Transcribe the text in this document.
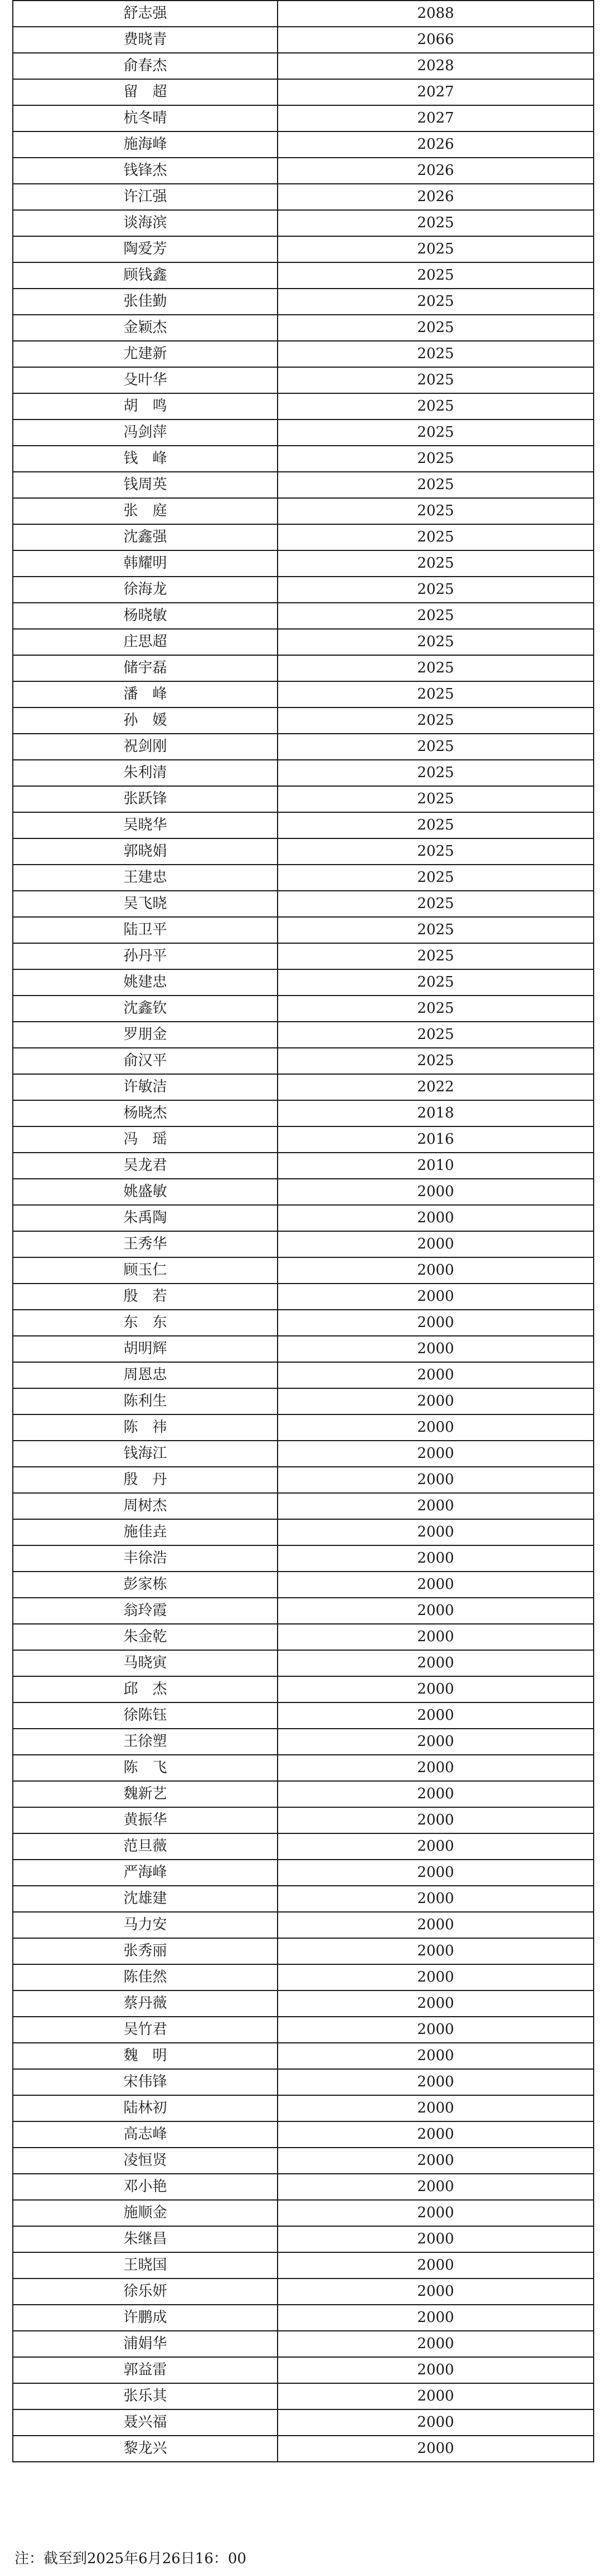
舒志强	2088
费晓青	2066
俞春杰	2028
留　超	2027
杭冬晴	2027
施海峰	2026
钱锋杰	2026
许江强	2026
谈海滨	2025
陶爱芳	2025
顾钱鑫	2025
张佳勤	2025
金颖杰	2025
尤建新	2025
殳叶华	2025
胡　鸣	2025
冯剑萍	2025
钱　峰	2025
钱周英	2025
张　庭	2025
沈鑫强	2025
韩耀明	2025
徐海龙	2025
杨晓敏	2025
庄思超	2025
储宇磊	2025
潘　峰	2025
孙　媛	2025
祝剑刚	2025
朱利清	2025
张跃锋	2025
吴晓华	2025
郭晓娟	2025
王建忠	2025
吴飞晓	2025
陆卫平	2025
孙丹平	2025
姚建忠	2025
沈鑫钦	2025
罗朋金	2025
俞汉平	2025
许敏洁	2022
杨晓杰	2018
冯　瑶	2016
吴龙君	2010
姚盛敏	2000
朱禹陶	2000
王秀华	2000
顾玉仁	2000
殷　若	2000
东　东	2000
胡明辉	2000
周恩忠	2000
陈利生	2000
陈　祎	2000
钱海江	2000
殷　丹	2000
周树杰	2000
施佳垚	2000
丰徐浩	2000
彭家栋	2000
翁玲霞	2000
朱金乾	2000
马晓寅	2000
邱　杰	2000
徐陈钰	2000
王徐塑	2000
陈　飞	2000
魏新艺	2000
黄振华	2000
范旦薇	2000
严海峰	2000
沈雄建	2000
马力安	2000
张秀丽	2000
陈佳然	2000
蔡丹薇	2000
吴竹君	2000
魏　明	2000
宋伟锋	2000
陆林初	2000
高志峰	2000
凌恒贤	2000
邓小艳	2000
施顺金	2000
朱继昌	2000
王晓国	2000
徐乐妍	2000
许鹏成	2000
浦娟华	2000
郭益雷	2000
张乐其	2000
聂兴福	2000
黎龙兴	2000
注：截至到2025年6月26日16：00
